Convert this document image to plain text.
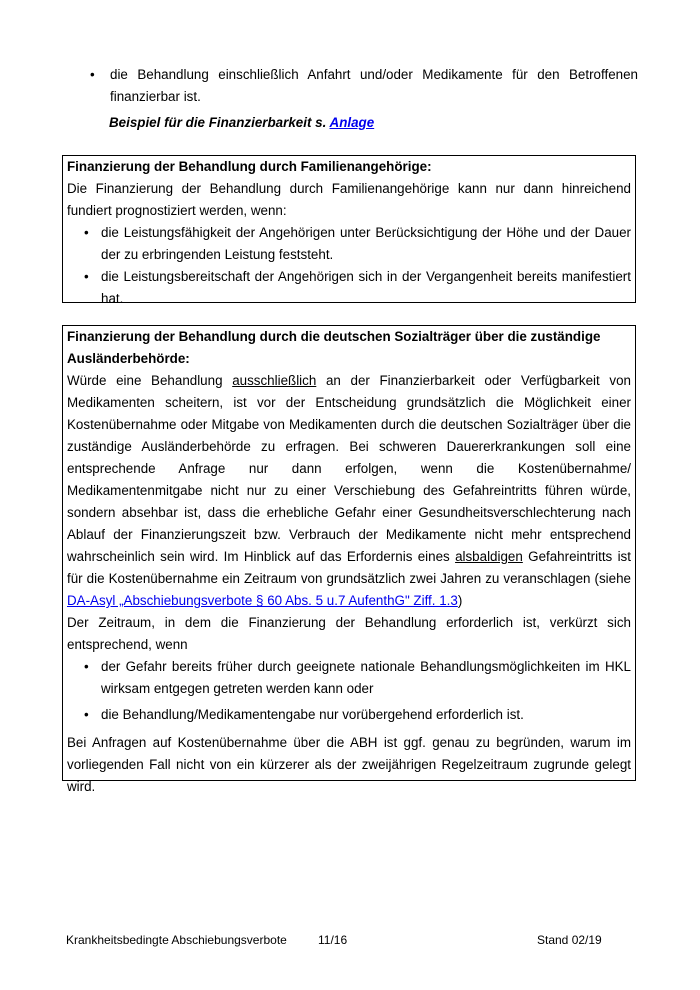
•	die Behandlung einschließlich Anfahrt und/oder Medikamente für den Betroffenen finanzierbar ist.
Beispiel für die Finanzierbarkeit s. Anlage
Finanzierung der Behandlung durch Familienangehörige:

Die Finanzierung der Behandlung durch Familienangehörige kann nur dann hinreichend fundiert prognostiziert werden, wenn:

• die Leistungsfähigkeit der Angehörigen unter Berücksichtigung der Höhe und der Dauer der zu erbringenden Leistung feststeht.
• die Leistungsbereitschaft der Angehörigen sich in der Vergangenheit bereits manifestiert hat.
Finanzierung der Behandlung durch die deutschen Sozialträger über die zuständige Ausländerbehörde:

Würde eine Behandlung ausschließlich an der Finanzierbarkeit oder Verfügbarkeit von Medikamenten scheitern, ist vor der Entscheidung grundsätzlich die Möglichkeit einer Kostenübernahme oder Mitgabe von Medikamenten durch die deutschen Sozialträger über die zuständige Ausländerbehörde zu erfragen. Bei schweren Dauererkrankungen soll eine entsprechende Anfrage nur dann erfolgen, wenn die Kostenübernahme/ Medikamentenmitgabe nicht nur zu einer Verschiebung des Gefahreintritts führen würde, sondern absehbar ist, dass die erhebliche Gefahr einer Gesundheitsverschlechterung nach Ablauf der Finanzierungszeit bzw. Verbrauch der Medikamente nicht mehr entsprechend wahrscheinlich sein wird. Im Hinblick auf das Erfordernis eines alsbaldigen Gefahreintritts ist für die Kostenübernahme ein Zeitraum von grundsätzlich zwei Jahren zu veranschlagen (siehe DA-Asyl „Abschiebungsverbote § 60 Abs. 5 u.7 AufenthG" Ziff. 1.3)

Der Zeitraum, in dem die Finanzierung der Behandlung erforderlich ist, verkürzt sich entsprechend, wenn

• der Gefahr bereits früher durch geeignete nationale Behandlungsmöglichkeiten im HKL wirksam entgegen getreten werden kann oder
• die Behandlung/Medikamentengabe nur vorübergehend erforderlich ist.

Bei Anfragen auf Kostenübernahme über die ABH ist ggf. genau zu begründen, warum im vorliegenden Fall nicht von ein kürzerer als der zweijährigen Regelzeitraum zugrunde gelegt wird.

Krankheitsbedingte Abschiebungsverbote	11/16	Stand 02/19
